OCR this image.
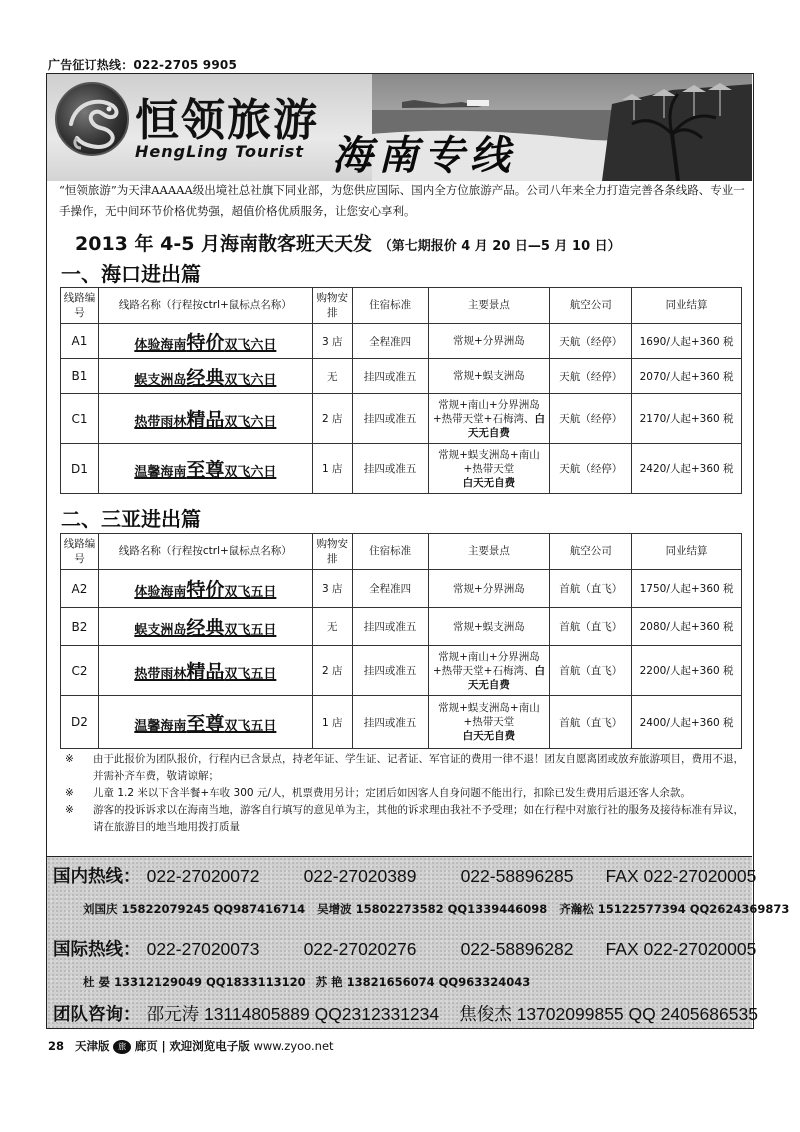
广告征订热线：022-2705 9905
恒领旅游
HengLing Tourist 海南专线
“恒领旅游”为天津AAAAA级出境社总社旗下同业部，为您供应国际、国内全方位旅游产品。公司八年来全力打造完善各条线路、专业一手操作，无中间环节价格优势强，超值价格优质服务，让您安心享利。
2013 年 4-5 月海南散客班天天发 （第七期报价 4 月 20 日—5 月 10 日）
一、海口进出篇
线路编号	线路名称（行程按ctrl+鼠标点名称）	购物安排	住宿标准	主要景点	航空公司	同业结算
A1	体验海南特价双飞六日	3 店	全程准四	常规+分界洲岛	天航（经停）	1690/人起+360 税
B1	蜈支洲岛经典双飞六日	无	挂四或准五	常规+蜈支洲岛	天航（经停）	2070/人起+360 税
C1	热带雨林精品双飞六日	2 店	挂四或准五	常规+南山+分界洲岛+热带天堂+石梅湾、白天无自费	天航（经停）	2170/人起+360 税
D1	温馨海南至尊双飞六日	1 店	挂四或准五	常规+蜈支洲岛+南山+热带天堂
白天无自费	天航（经停）	2420/人起+360 税
二、三亚进出篇
线路编号	线路名称（行程按ctrl+鼠标点名称）	购物安排	住宿标准	主要景点	航空公司	同业结算
A2	体验海南特价双飞五日	3 店	全程准四	常规+分界洲岛	首航（直飞）	1750/人起+360 税
B2	蜈支洲岛经典双飞五日	无	挂四或准五	常规+蜈支洲岛	首航（直飞）	2080/人起+360 税
C2	热带雨林精品双飞五日	2 店	挂四或准五	常规+南山+分界洲岛+热带天堂+石梅湾、白天无自费	首航（直飞）	2200/人起+360 税
D2	温馨海南至尊双飞五日	1 店	挂四或准五	常规+蜈支洲岛+南山+热带天堂
白天无自费	首航（直飞）	2400/人起+360 税
※ 由于此报价为团队报价，行程内已含景点，持老年证、学生证、记者证、军官证的费用一律不退！团友自愿离团或放弃旅游项目，费用不退，并需补齐车费，敬请谅解；
※ 儿童 1.2 米以下含半餐+车收 300 元/人，机票费用另计；定团后如因客人自身问题不能出行，扣除已发生费用后退还客人余款。
※ 游客的投诉诉求以在海南当地，游客自行填写的意见单为主，其他的诉求理由我社不予受理；如在行程中对旅行社的服务及接待标准有异议，请在旅游目的地当地用拨打质量
国内热线： 022-27020072	022-27020389	022-58896285 FAX 022-27020005
刘国庆 15822079245 QQ987416714 吴增波 15802273582 QQ1339446098 齐瀚松 15122577394 QQ2624369873
国际热线： 022-27020073	022-27020276	022-58896282 FAX 022-27020005
杜 晏 13312129049 QQ1833113120 苏 艳 13821656074 QQ963324043
团队咨询： 邵元涛 13114805889 QQ2312331234 焦俊杰 13702099855 QQ 2405686535
28 天津版 旅 廊页 | 欢迎浏览电子版 www.zyoo.net
